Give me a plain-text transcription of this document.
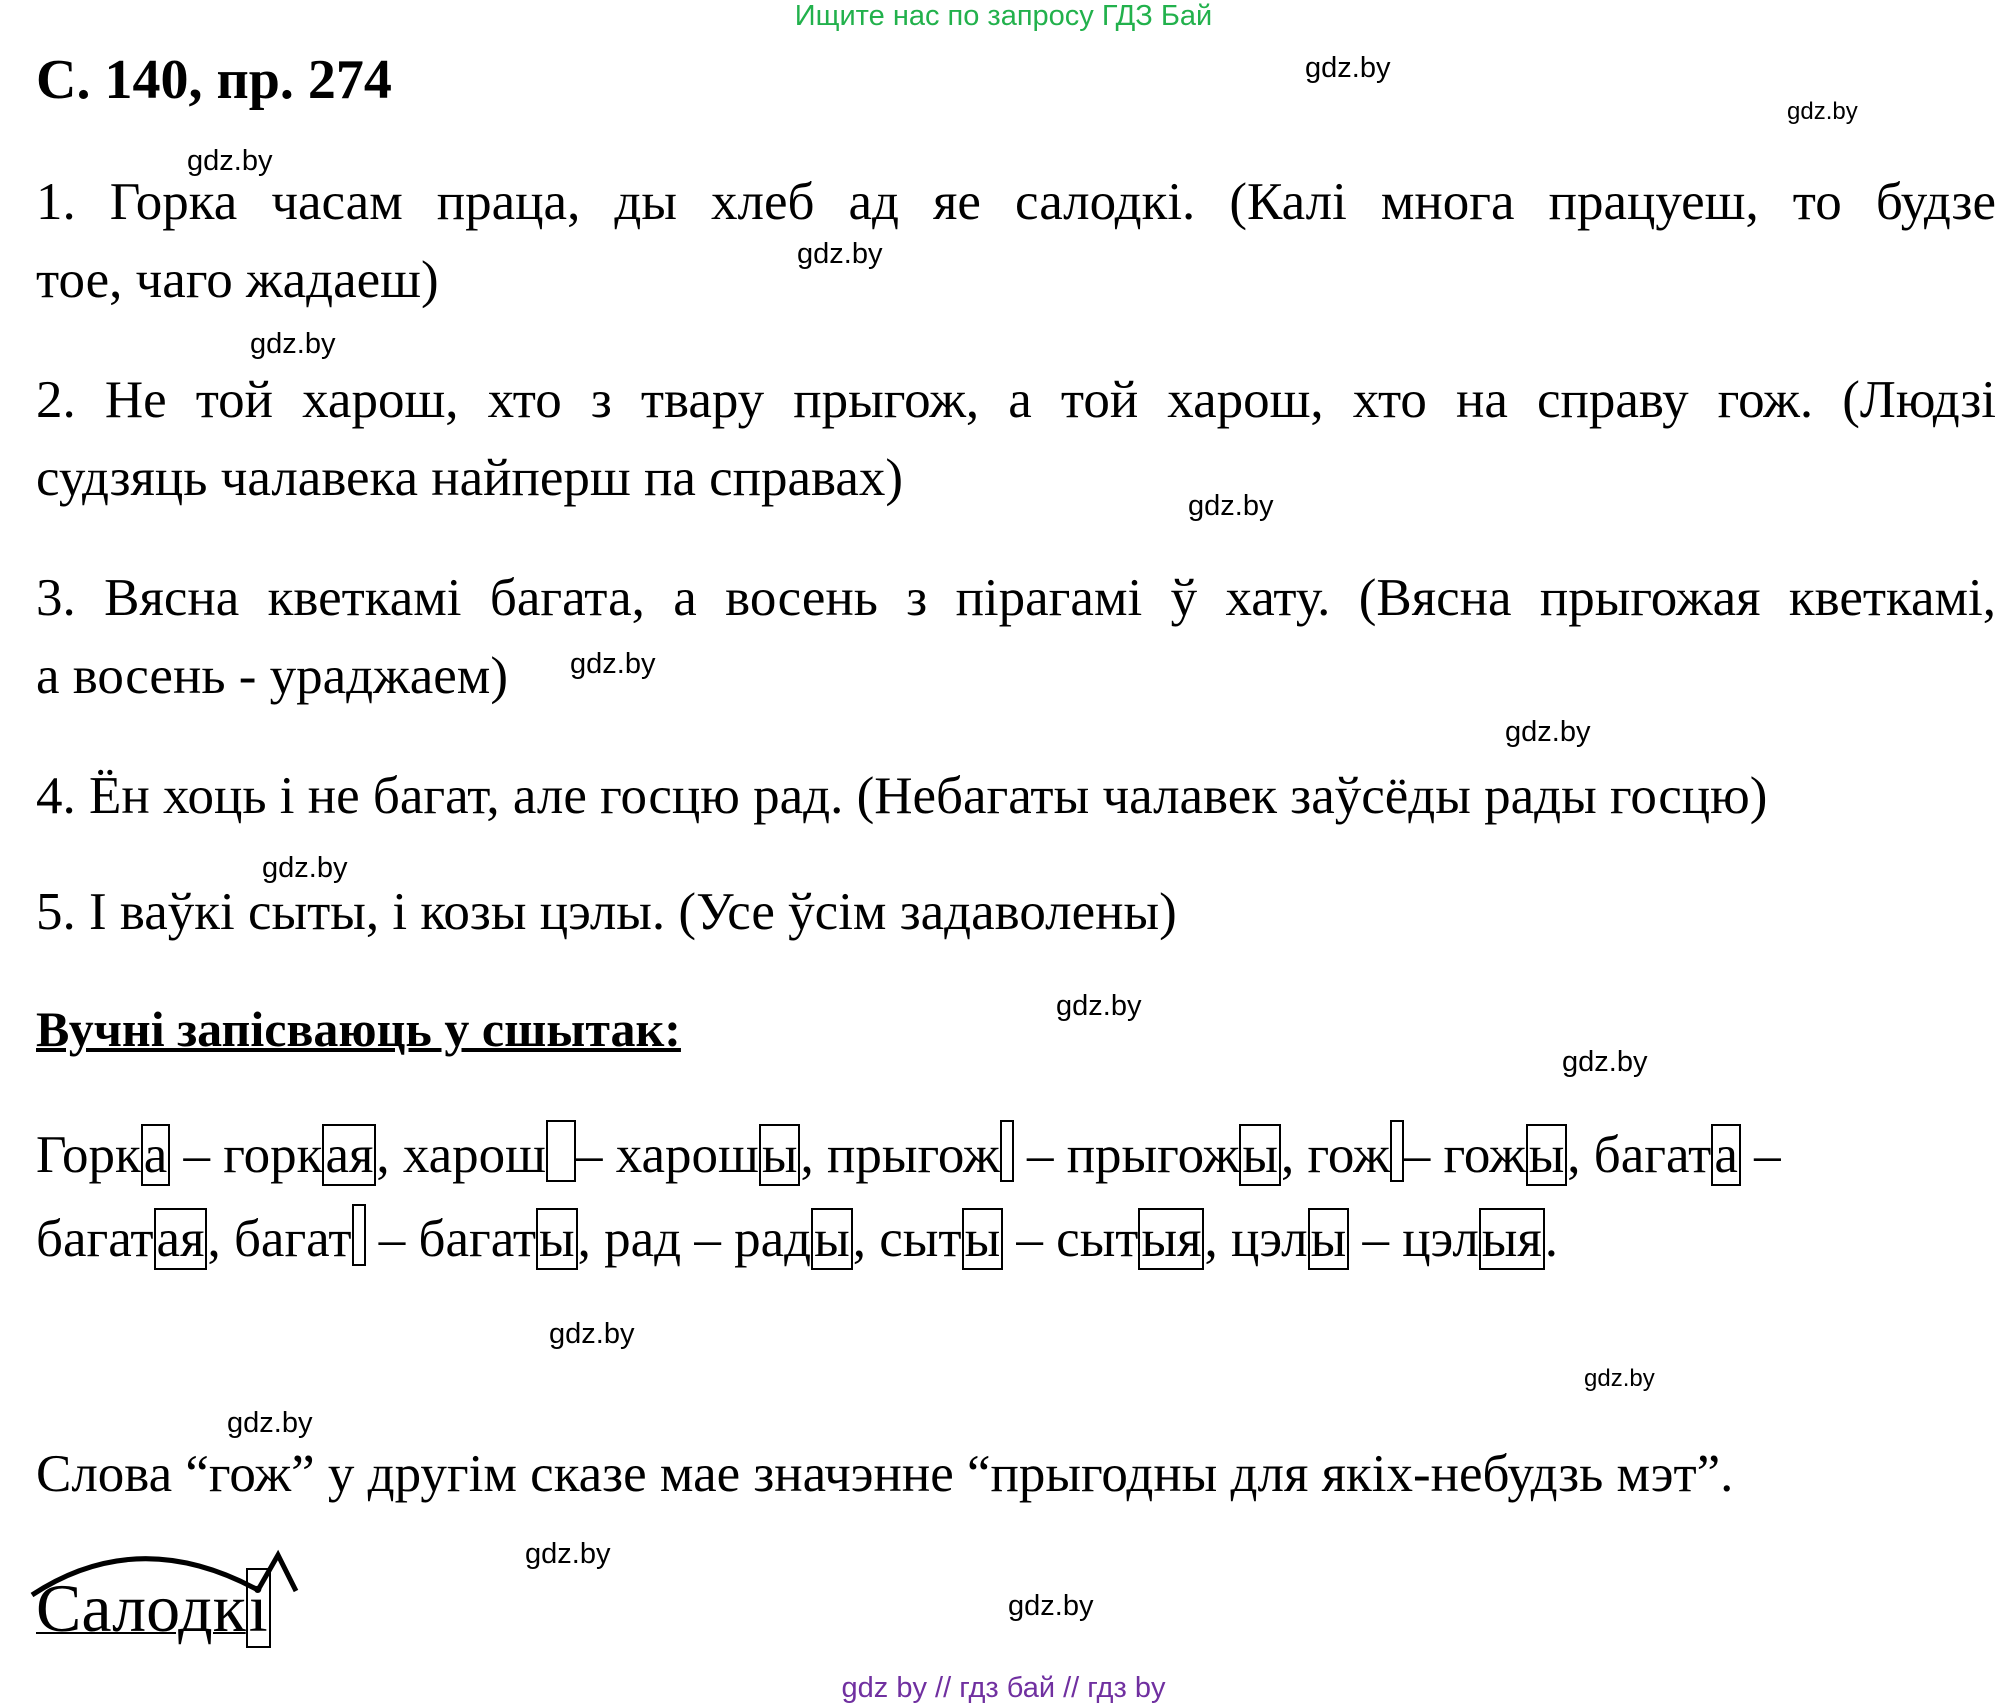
Ищите нас по запросу ГДЗ Бай
С. 140, пр. 274	gdz.by
gdz.by
gdz.by
gdz.by
gdz.by
gdz.by
gdz.by
gdz.by
gdz.by
gdz.by
gdz.by
gdz.by
gdz.by
gdz.by
gdz.by
gdz.by
1. Горка часам праца, ды хлеб ад яе салодкі. (Калі многа працуеш, то будзе
тое, чаго жадаеш)
2. Не той харош, хто з твару прыгож, а той харош, хто на справу гож. (Людзі
судзяць чалавека найперш па справах)
3. Вясна кветкамі багата, а восень з пірагамі ў хату. (Вясна прыгожая кветкамі,
а восень - ураджаем)
4. Ён хоць і не багат, але госцю рад. (Небагаты чалавек заўсёды рады госцю)
5. І ваўкі сыты, і козы цэлы. (Усе ўсім задаволены)
Вучні запісваюць у сшытак:
Горка – горкая, харош – харошы, прыгож – прыгожы, гож – гожы, багата –
багатая, багат – багаты, рад – рады, сыты – сытыя, цэлы – цэлыя.
Слова “гож” у другім сказе мае значэнне “прыгодны для якіх-небудзь мэт”.
Салодкі
gdz by // гдз бай // гдз by
